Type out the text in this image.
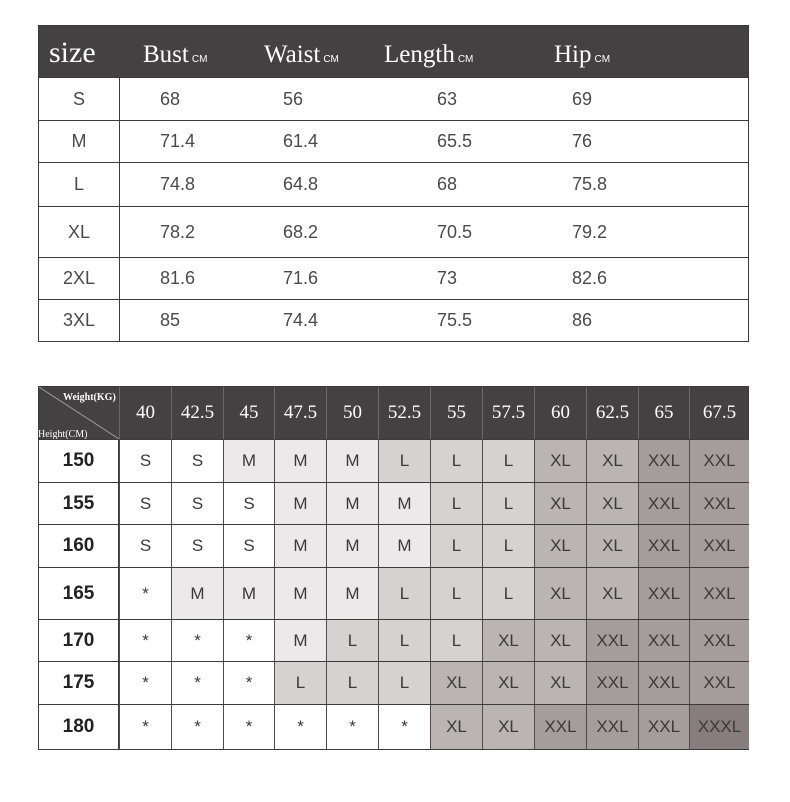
size Bust CM Waist CM Length CM	Hip CM
S	68	56	63	69
M	71.4	61.4	65.5	76
L	74.8	64.8	68	75.8
XL	78.2	68.2	70.5	79.2
2XL	81.6	71.6	73	82.6
3XL	85	74.4	75.5	86
Weight(KG)
Height(CM)
40	42.5	45	47.5	50	52.5	55	57.5	60	62.5	65	67.5
150	S	S	M	M	M	L	L	L	XL	XL	XXL	XXL
155	S	S	S	M	M	M	L	L	XL	XL	XXL	XXL
160	S	S	S	M	M	M	L	L	XL	XL	XXL	XXL
165	*	M	M	M	M	L	L	L	XL	XL	XXL	XXL
170	*	*	*	M	L	L	L	XL	XL	XXL	XXL	XXL
175	*	*	*	L	L	L	XL	XL	XL	XXL	XXL	XXL
180	*	*	*	*	*	*	XL	XL	XXL	XXL	XXL	XXXL
